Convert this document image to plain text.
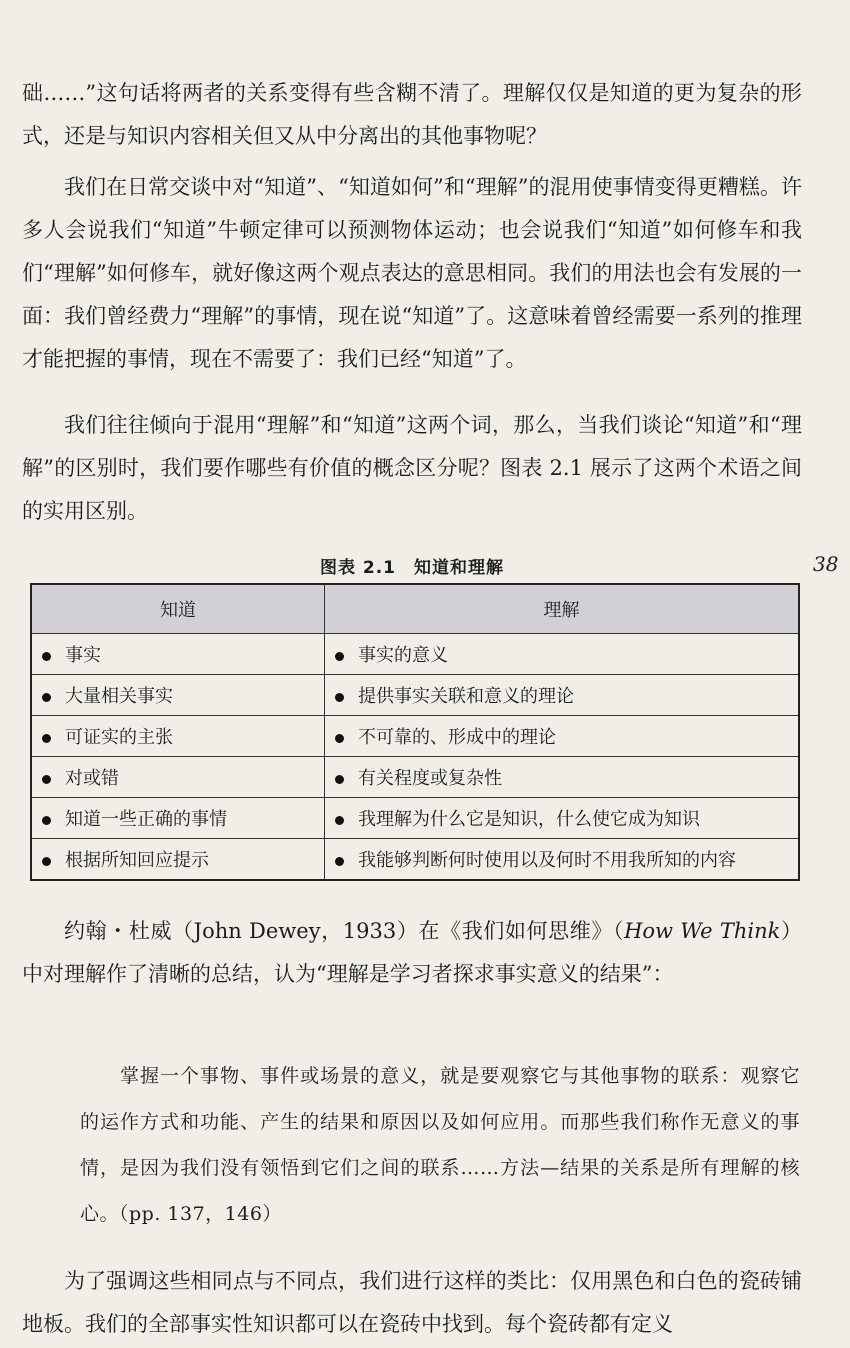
础……”这句话将两者的关系变得有些含糊不清了。理解仅仅是知道的更为复杂的形式，还是与知识内容相关但又从中分离出的其他事物呢？

我们在日常交谈中对“知道”、“知道如何”和“理解”的混用使事情变得更糟糕。许多人会说我们“知道”牛顿定律可以预测物体运动；也会说我们“知道”如何修车和我们“理解”如何修车，就好像这两个观点表达的意思相同。我们的用法也会有发展的一面：我们曾经费力“理解”的事情，现在说“知道”了。这意味着曾经需要一系列的推理才能把握的事情，现在不需要了：我们已经“知道”了。

我们往往倾向于混用“理解”和“知道”这两个词，那么，当我们谈论“知道”和“理解”的区别时，我们要作哪些有价值的概念区分呢？图表 2.1 展示了这两个术语之间的实用区别。

图表 2.1　知道和理解	38
知道	理解
事实	事实的意义
大量相关事实	提供事实关联和意义的理论
可证实的主张	不可靠的、形成中的理论
对或错	有关程度或复杂性
知道一些正确的事情	我理解为什么它是知识，什么使它成为知识
根据所知回应提示	我能够判断何时使用以及何时不用我所知的内容

约翰・杜威（John Dewey，1933）在《我们如何思维》（How We Think）中对理解作了清晰的总结，认为“理解是学习者探求事实意义的结果”：

掌握一个事物、事件或场景的意义，就是要观察它与其他事物的联系：观察它的运作方式和功能、产生的结果和原因以及如何应用。而那些我们称作无意义的事情，是因为我们没有领悟到它们之间的联系……方法—结果的关系是所有理解的核心。（pp. 137，146）

为了强调这些相同点与不同点，我们进行这样的类比：仅用黑色和白色的瓷砖铺地板。我们的全部事实性知识都可以在瓷砖中找到。每个瓷砖都有定义
